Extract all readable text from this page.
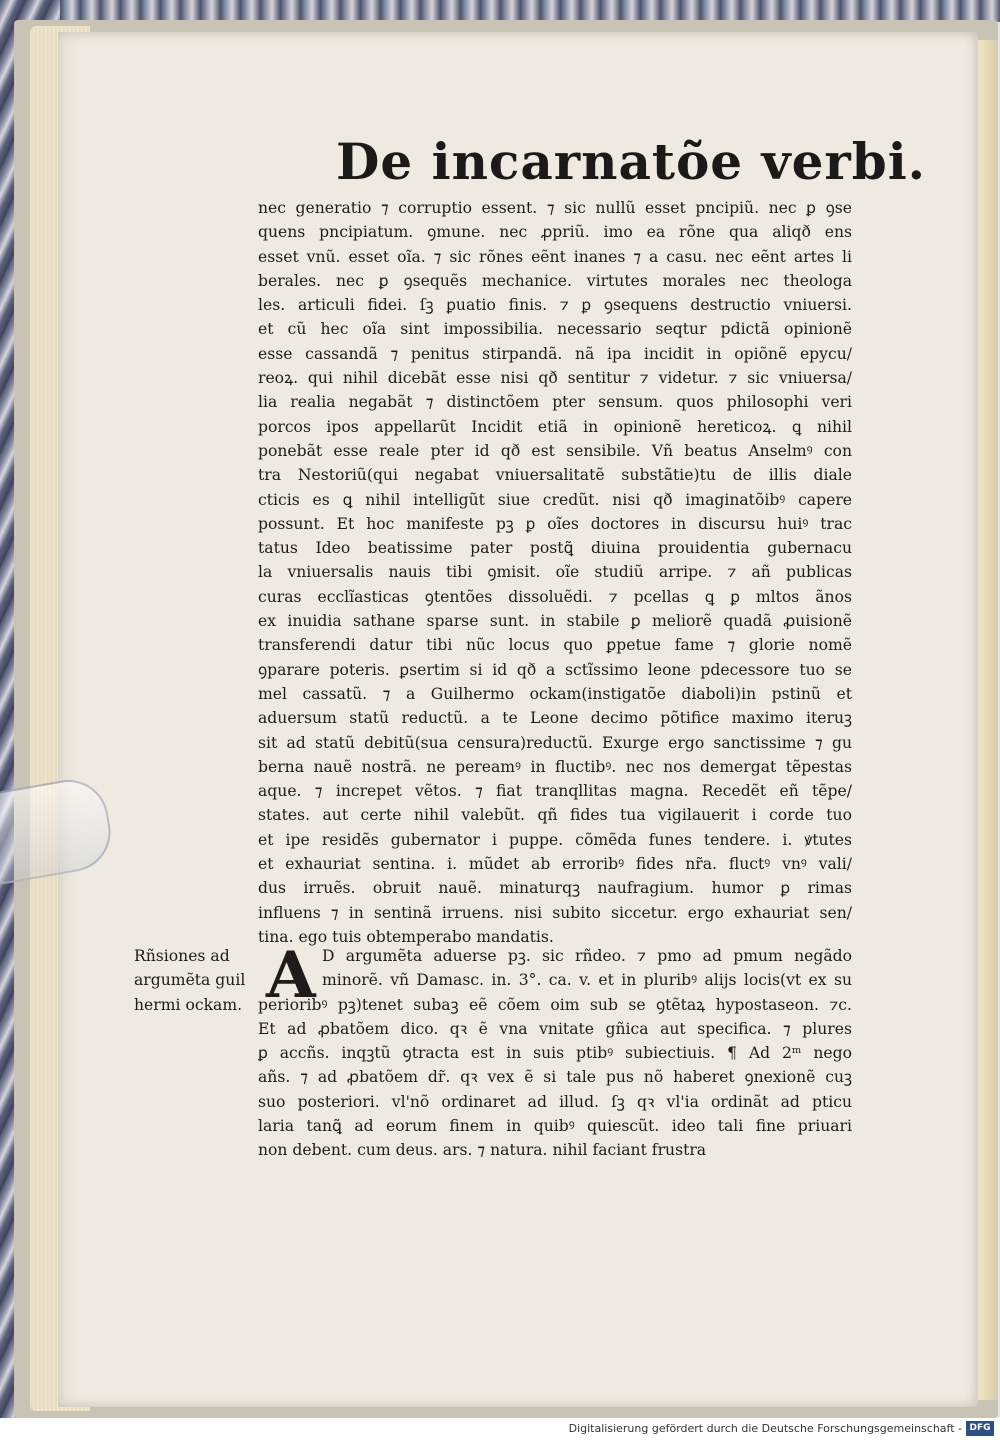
De incarnatõe verbi.
nec generatio ⁊ corruptio essent. ⁊ sic nullũ esset pncipiũ. nec ꝑ ꝯse
quens pncipiatum. ꝯmune. nec ꝓpriũ. imo ea rõne qua aliqð ens
esset vnũ. esset oĩa. ⁊ sic rõnes eẽnt inanes ⁊ a casu. nec eẽnt artes li
berales. nec ꝑ ꝯsequẽs mechanice. virtutes morales nec theologa
les. articuli fidei. ſꝫ ꝑuatio finis. ⁊ ꝑ ꝯsequens destructio vniuersi.
et cũ hec oĩa sint impossibilia. necessario seqtur pdictã opinionẽ
esse cassandã ⁊ penitus stirpandã. nã ipa incidit in opiõnẽ epycu/
reoꝝ. qui nihil dicebãt esse nisi qð sentitur ⁊ videtur. ⁊ sic vniuersa/
lia realia negabãt ⁊ distinctõem pter sensum. quos philosophi veri
porcos ipos appellarũt Incidit etiã in opinionẽ hereticoꝝ. ꝗ nihil
ponebãt esse reale pter id qð est sensibile. Vñ beatus Anselmꝰ con
tra Nestoriũ(qui negabat vniuersalitatẽ substãtie)tu de illis diale
cticis es ꝗ nihil intelligũt siue credũt. nisi qð imaginatõibꝰ capere
possunt. Et hoc manifeste pꝫ ꝑ oĩes doctores in discursu huiꝰ trac
tatus Ideo beatissime pater postꝗ̃ diuina prouidentia gubernacu
la vniuersalis nauis tibi ꝯmisit. oĩe studiũ arripe. ⁊ añ publicas
curas ecclĩasticas ꝯtentões dissoluẽdi. ⁊ pcellas ꝗ ꝑ mltos ãnos
ex inuidia sathane sparse sunt. in stabile ꝑ meliorẽ quadã ꝓuisionẽ
transferendi datur tibi nũc locus quo ꝑpetue fame ⁊ glorie nomẽ
ꝯparare poteris. ꝑsertim si id qð a sctĩssimo leone pdecessore tuo se
mel cassatũ. ⁊ a Guilhermo ockam(instigatõe diaboli)in pstinũ et
aduersum statũ reductũ. a te Leone decimo põtifice maximo iteruꝫ
sit ad statũ debitũ(sua censura)reductũ. Exurge ergo sanctissime ⁊ gu
berna nauẽ nostrã. ne pereamꝰ in fluctibꝰ. nec nos demergat tẽpestas
aque. ⁊ increpet vẽtos. ⁊ fiat tranqllitas magna. Recedẽt eñ tẽpe/
states. aut certe nihil valebũt. qñ fides tua vigilauerit i corde tuo
et ipe residẽs gubernator i puppe. cõmẽda funes tendere. i. ꝟtutes
et exhauriat sentina. i. mũdet ab erroribꝰ fides nr̃a. fluctꝰ vnꝰ vali/
dus irruẽs. obruit nauẽ. minaturqꝫ naufragium. humor ꝑ rimas
influens ⁊ in sentinã irruens. nisi subito siccetur. ergo exhauriat sen/
tina. ego tuis obtemperabo mandatis.
Rñsiones ad
argumẽta guil
hermi ockam. A D argumẽta aduerse pꝫ. sic rñdeo. ⁊ pmo ad pmum negãdo
minorẽ. vñ Damasc. in. 3°. ca. v. et in pluribꝰ alijs locis(vt ex su
perioribꝰ pꝫ)tenet subaꝫ eẽ cõem oim sub se ꝯtẽtaꝝ hypostaseon. ⁊c.
Et ad ꝓbatõem dico. qꝛ ẽ vna vnitate gñica aut specifica. ⁊ plures
ꝑ accñs. inqꝫtũ ꝯtracta est in suis ptibꝰ subiectiuis. ¶ Ad 2ᵐ nego
añs. ⁊ ad ꝓbatõem dr̃. qꝛ vex ẽ si tale pus nõ haberet ꝯnexionẽ cuꝫ
suo posteriori. vl'nõ ordinaret ad illud. ſꝫ qꝛ vl'ia ordinãt ad pticu
laria tanꝗ̃ ad eorum finem in quibꝰ quiescũt. ideo tali fine priuari
non debent. cum deus. ars. ⁊ natura. nihil faciant frustra
Digitalisierung gefördert durch die Deutsche Forschungsgemeinschaft - DFG
